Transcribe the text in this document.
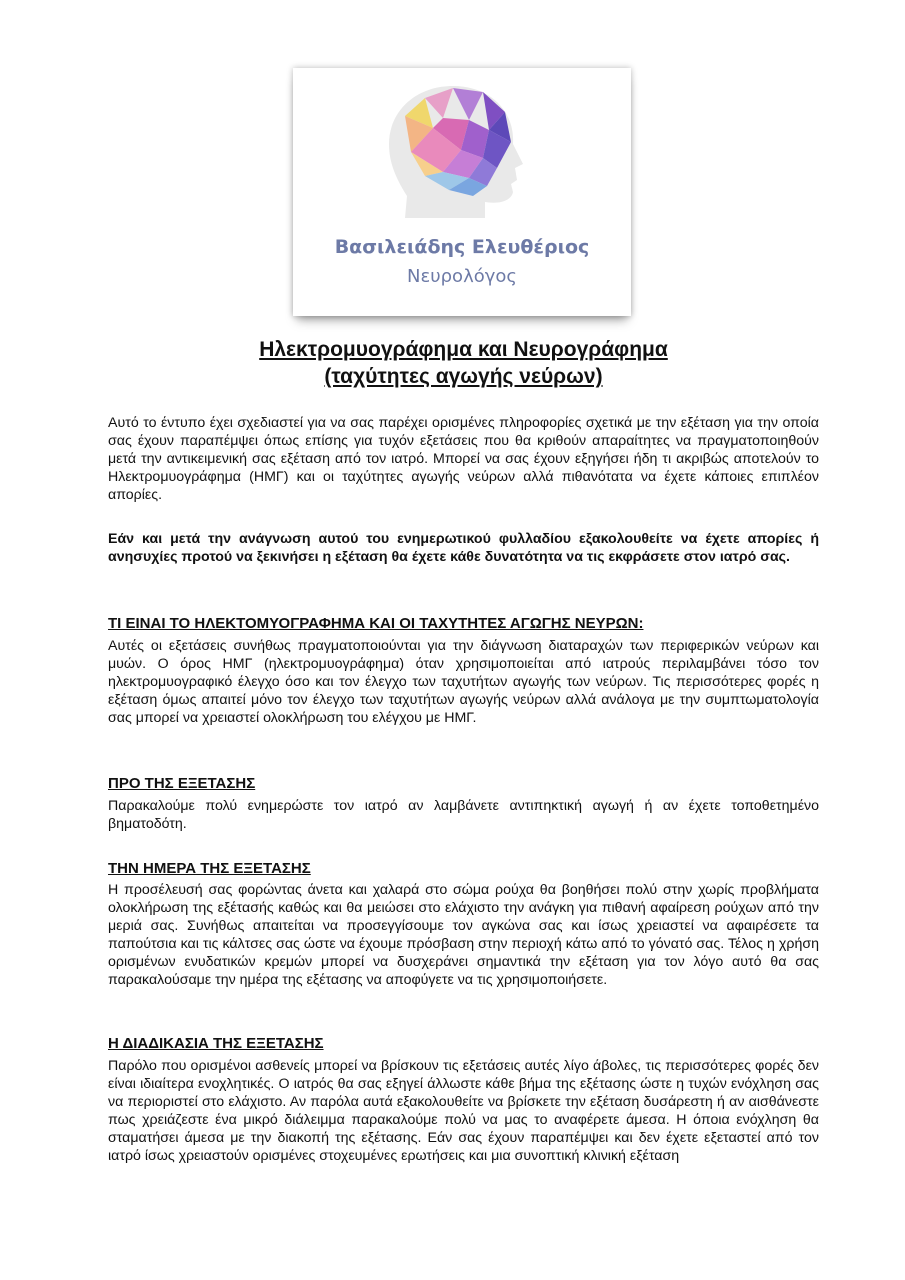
Βασιλειάδης Ελευθέριος
Νευρολόγος
Ηλεκτρομυογράφημα και Νευρογράφημα
(ταχύτητες αγωγής νεύρων)

Αυτό το έντυπο έχει σχεδιαστεί για να σας παρέχει ορισμένες πληροφορίες σχετικά με την εξέταση για την οποία σας έχουν παραπέμψει όπως επίσης για τυχόν εξετάσεις που θα κριθούν απαραίτητες να πραγματοποιηθούν μετά την αντικειμενική σας εξέταση από τον ιατρό. Μπορεί να σας έχουν εξηγήσει ήδη τι ακριβώς αποτελούν το Ηλεκτρομυογράφημα (ΗΜΓ) και οι ταχύτητες αγωγής νεύρων αλλά πιθανότατα να έχετε κάποιες επιπλέον απορίες.

Εάν και μετά την ανάγνωση αυτού του ενημερωτικού φυλλαδίου εξακολουθείτε να έχετε απορίες ή ανησυχίες προτού να ξεκινήσει η εξέταση θα έχετε κάθε δυνατότητα να τις εκφράσετε στον ιατρό σας.

ΤΙ ΕΙΝΑΙ ΤΟ ΗΛΕΚΤΟΜΥΟΓΡΑΦΗΜΑ ΚΑΙ ΟΙ ΤΑΧΥΤΗΤΕΣ ΑΓΩΓΗΣ ΝΕΥΡΩΝ:

Αυτές οι εξετάσεις συνήθως πραγματοποιούνται για την διάγνωση διαταραχών των περιφερικών νεύρων και μυών. Ο όρος ΗΜΓ (ηλεκτρομυογράφημα) όταν χρησιμοποιείται από ιατρούς περιλαμβάνει τόσο τον ηλεκτρομυογραφικό έλεγχο όσο και τον έλεγχο των ταχυτήτων αγωγής των νεύρων. Τις περισσότερες φορές η εξέταση όμως απαιτεί μόνο τον έλεγχο των ταχυτήτων αγωγής νεύρων αλλά ανάλογα με την συμπτωματολογία σας μπορεί να χρειαστεί ολοκλήρωση του ελέγχου με ΗΜΓ.

ΠΡΟ ΤΗΣ ΕΞΕΤΑΣΗΣ

Παρακαλούμε πολύ ενημερώστε τον ιατρό αν λαμβάνετε αντιπηκτική αγωγή ή αν έχετε τοποθετημένο βηματοδότη.

ΤΗΝ ΗΜΕΡΑ ΤΗΣ ΕΞΕΤΑΣΗΣ

Η προσέλευσή σας φορώντας άνετα και χαλαρά στο σώμα ρούχα θα βοηθήσει πολύ στην χωρίς προβλήματα ολοκλήρωση της εξέτασής καθώς και θα μειώσει στο ελάχιστο την ανάγκη για πιθανή αφαίρεση ρούχων από την μεριά σας. Συνήθως απαιτείται να προσεγγίσουμε τον αγκώνα σας και ίσως χρειαστεί να αφαιρέσετε τα παπούτσια και τις κάλτσες σας ώστε να έχουμε πρόσβαση στην περιοχή κάτω από το γόνατό σας. Τέλος η χρήση ορισμένων ενυδατικών κρεμών μπορεί να δυσχεράνει σημαντικά την εξέταση για τον λόγο αυτό θα σας παρακαλούσαμε την ημέρα της εξέτασης να αποφύγετε να τις χρησιμοποιήσετε.

Η ΔΙΑΔΙΚΑΣΙΑ ΤΗΣ ΕΞΕΤΑΣΗΣ

Παρόλο που ορισμένοι ασθενείς μπορεί να βρίσκουν τις εξετάσεις αυτές λίγο άβολες, τις περισσότερες φορές δεν είναι ιδιαίτερα ενοχλητικές. Ο ιατρός θα σας εξηγεί άλλωστε κάθε βήμα της εξέτασης ώστε η τυχών ενόχληση σας να περιοριστεί στο ελάχιστο. Αν παρόλα αυτά εξακολουθείτε να βρίσκετε την εξέταση δυσάρεστη ή αν αισθάνεστε πως χρειάζεστε ένα μικρό διάλειμμα παρακαλούμε πολύ να μας το αναφέρετε άμεσα. Η όποια ενόχληση θα σταματήσει άμεσα με την διακοπή της εξέτασης. Εάν σας έχουν παραπέμψει και δεν έχετε εξεταστεί από τον ιατρό ίσως χρειαστούν ορισμένες στοχευμένες ερωτήσεις και μια συνοπτική κλινική εξέταση
